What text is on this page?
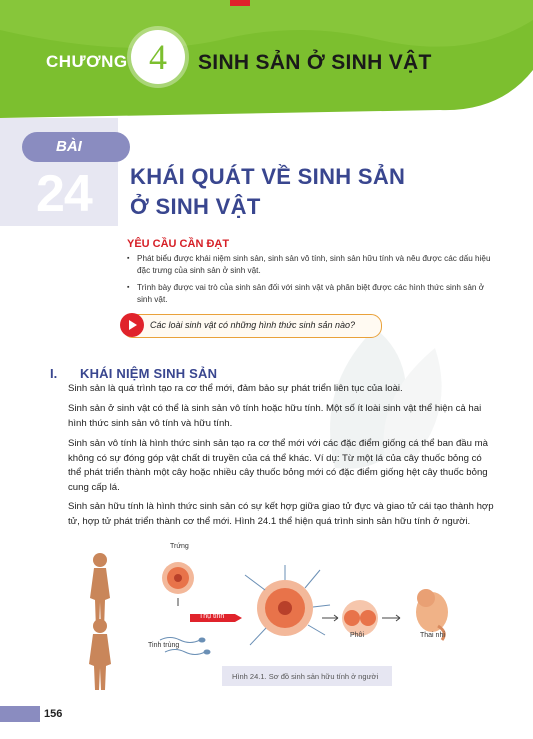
CHƯƠNG 4 SINH SẢN Ở SINH VẬT
BÀI
24 KHÁI QUÁT VỀ SINH SẢN
Ở SINH VẬT
YÊU CẦU CẦN ĐẠT
▪ Phát biểu được khái niệm sinh sản, sinh sản vô tính, sinh sản hữu tính và nêu được các dấu hiệu đặc trưng của sinh sản ở sinh vật.
▪ Trình bày được vai trò của sinh sản đối với sinh vật và phân biệt được các hình thức sinh sản ở sinh vật.
Các loài sinh vật có những hình thức sinh sản nào?
I. KHÁI NIỆM SINH SẢN

Sinh sản là quá trình tạo ra cơ thể mới, đảm bảo sự phát triển liên tục của loài.

Sinh sản ở sinh vật có thể là sinh sản vô tính hoặc hữu tính. Một số ít loài sinh vật thể hiện cả hai hình thức sinh sản vô tính và hữu tính.

Sinh sản vô tính là hình thức sinh sản tạo ra cơ thể mới với các đặc điểm giống cá thể ban đầu mà không có sự đóng góp vật chất di truyền của cá thể khác. Ví dụ: Từ một lá của cây thuốc bỏng có thể phát triển thành một cây hoặc nhiều cây thuốc bỏng mới có đặc điểm giống hệt cây thuốc bỏng cung cấp lá.

Sinh sản hữu tính là hình thức sinh sản có sự kết hợp giữa giao tử đực và giao tử cái tạo thành hợp tử, hợp tử phát triển thành cơ thể mới. Hình 24.1 thể hiện quá trình sinh sản hữu tính ở người.

Trứng
Thụ tinh
Tinh trùng
Phôi	Thai nhi
Hình 24.1. Sơ đồ sinh sản hữu tính ở người
156
